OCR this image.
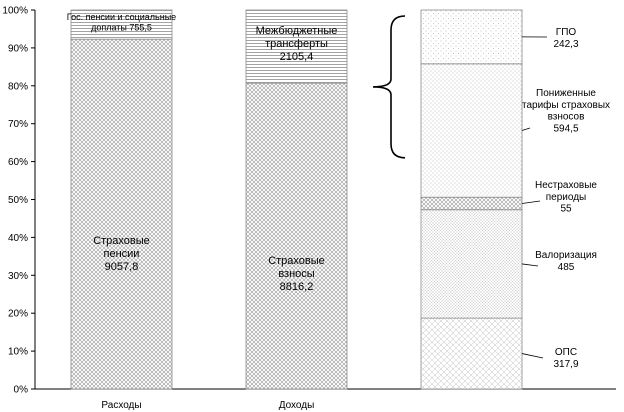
0%
10%
20%
30%
40%
50%
60%
70%
80%
90%
100%
Страховые пенсии 9057,8
Гос. пенсии и социальные доплаты 755,5
Страховые взносы 8816,2
Межбюджетные трансферты 2105,4
ОПС 317,9
Валоризация 485
Нестраховые периоды 55
Пониженные тарифы страховых взносов 594,5
ГПО 242,3
Расходы	Доходы
